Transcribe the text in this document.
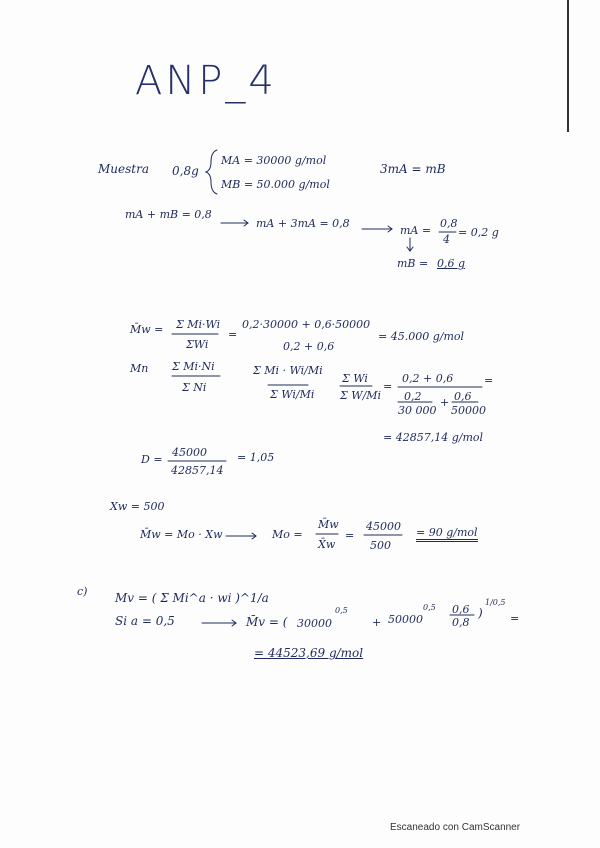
ANP_4
Muestra 0,8g
MA = 30000 g/mol
MB = 50.000 g/mol
3mA = mB
mA + mB = 0,8
mA + 3mA = 0,8
mA =
0,8
4
= 0,2 g
mB = 0,6 g
M̄w = Σ Mi·Wi
ΣWi
=
0,2·30000 + 0,6·50000
0,2 + 0,6
= 45.000 g/mol
Mn Σ Mi·Ni
Σ Ni
Σ Mi · Wi/Mi
Σ Wi/Mi
Σ Wi
Σ W/Mi
=
0,2 + 0,6
0,2
30 000
+ 0,6
50000
=
= 42857,14 g/mol
D =
45000
42857,14
= 1,05
Xw = 500
M̄w = Mo · Xw	Mo =
M̄w
X̄w
=
45000
500
= 90 g/mol
c) Mv = ( Σ Mi^a · wi )^1/a
Si a = 0,5	M̄v = ( 30000
0,5
+ 50000
0,5 0,6
0,8
)
1/0,5
=
= 44523,69 g/mol
Escaneado con CamScanner
